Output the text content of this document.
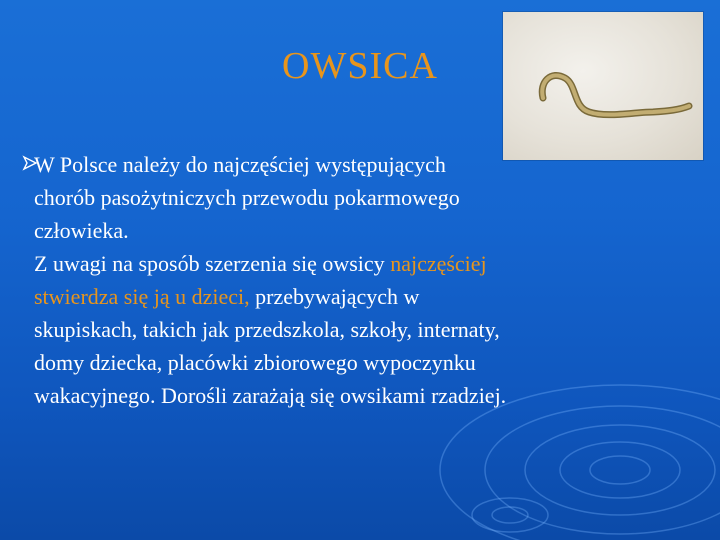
OWSICA
W Polsce należy do najczęściej występujących
chorób pasożytniczych przewodu pokarmowego
człowieka.
Z uwagi na sposób szerzenia się owsicy najczęściej
stwierdza się ją u dzieci, przebywających w
skupiskach, takich jak przedszkola, szkoły, internaty,
domy dziecka, placówki zbiorowego wypoczynku
wakacyjnego. Dorośli zarażają się owsikami rzadziej.
